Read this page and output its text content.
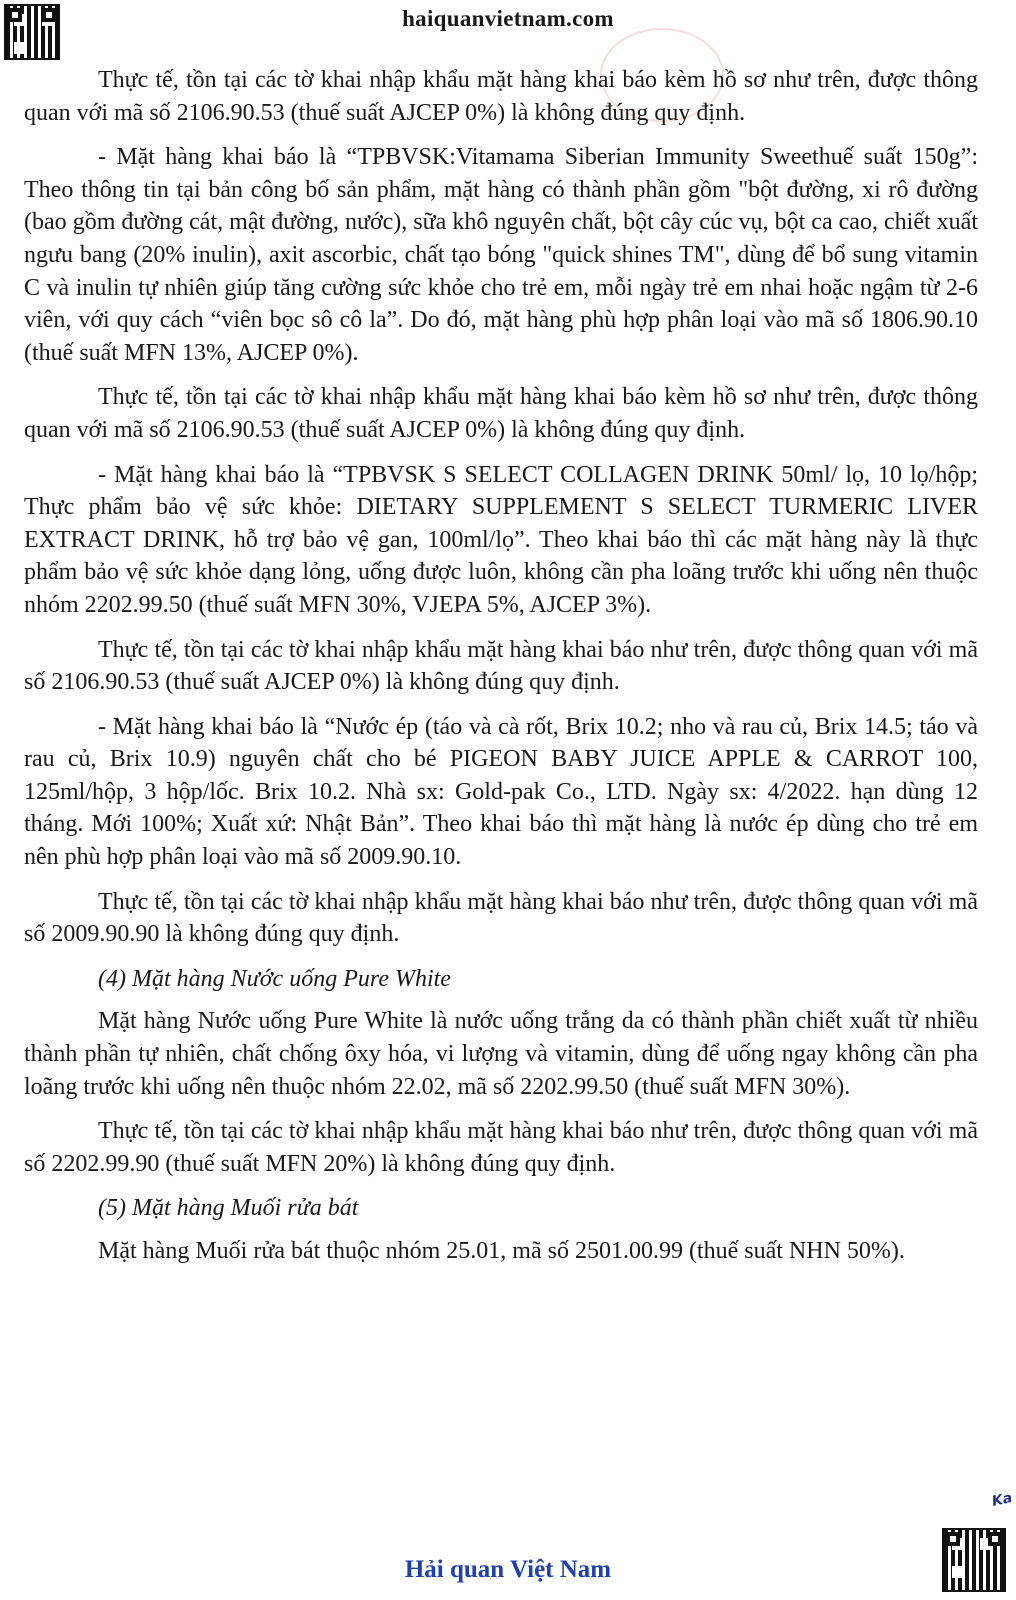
haiquanvietnam.com

Thực tế, tồn tại các tờ khai nhập khẩu mặt hàng khai báo kèm hồ sơ như trên, được thông quan với mã số 2106.90.53 (thuế suất AJCEP 0%) là không đúng quy định.

- Mặt hàng khai báo là “TPBVSK:Vitamama Siberian Immunity Sweethuế suất 150g”: Theo thông tin tại bản công bố sản phẩm, mặt hàng có thành phần gồm "bột đường, xi rô đường (bao gồm đường cát, mật đường, nước), sữa khô nguyên chất, bột cây cúc vụ, bột ca cao, chiết xuất ngưu bang (20% inulin), axit ascorbic, chất tạo bóng "quick shines TM", dùng để bổ sung vitamin C và inulin tự nhiên giúp tăng cường sức khỏe cho trẻ em, mỗi ngày trẻ em nhai hoặc ngậm từ 2-6 viên, với quy cách “viên bọc sô cô la”. Do đó, mặt hàng phù hợp phân loại vào mã số 1806.90.10 (thuế suất MFN 13%, AJCEP 0%).

Thực tế, tồn tại các tờ khai nhập khẩu mặt hàng khai báo kèm hồ sơ như trên, được thông quan với mã số 2106.90.53 (thuế suất AJCEP 0%) là không đúng quy định.

- Mặt hàng khai báo là “TPBVSK S SELECT COLLAGEN DRINK 50ml/ lọ, 10 lọ/hộp; Thực phẩm bảo vệ sức khỏe: DIETARY SUPPLEMENT S SELECT TURMERIC LIVER EXTRACT DRINK, hỗ trợ bảo vệ gan, 100ml/lọ”. Theo khai báo thì các mặt hàng này là thực phẩm bảo vệ sức khỏe dạng lỏng, uống được luôn, không cần pha loãng trước khi uống nên thuộc nhóm 2202.99.50 (thuế suất MFN 30%, VJEPA 5%, AJCEP 3%).

Thực tế, tồn tại các tờ khai nhập khẩu mặt hàng khai báo như trên, được thông quan với mã số 2106.90.53 (thuế suất AJCEP 0%) là không đúng quy định.

- Mặt hàng khai báo là “Nước ép (táo và cà rốt, Brix 10.2; nho và rau củ, Brix 14.5; táo và rau củ, Brix 10.9) nguyên chất cho bé PIGEON BABY JUICE APPLE & CARROT 100, 125ml/hộp, 3 hộp/lốc. Brix 10.2. Nhà sx: Gold-pak Co., LTD. Ngày sx: 4/2022. hạn dùng 12 tháng. Mới 100%; Xuất xứ: Nhật Bản”. Theo khai báo thì mặt hàng là nước ép dùng cho trẻ em nên phù hợp phân loại vào mã số 2009.90.10.

Thực tế, tồn tại các tờ khai nhập khẩu mặt hàng khai báo như trên, được thông quan với mã số 2009.90.90 là không đúng quy định.

(4) Mặt hàng Nước uống Pure White

Mặt hàng Nước uống Pure White là nước uống trắng da có thành phần chiết xuất từ nhiều thành phần tự nhiên, chất chống ôxy hóa, vi lượng và vitamin, dùng để uống ngay không cần pha loãng trước khi uống nên thuộc nhóm 22.02, mã số 2202.99.50 (thuế suất MFN 30%).

Thực tế, tồn tại các tờ khai nhập khẩu mặt hàng khai báo như trên, được thông quan với mã số 2202.99.90 (thuế suất MFN 20%) là không đúng quy định.

(5) Mặt hàng Muối rửa bát

Mặt hàng Muối rửa bát thuộc nhóm 25.01, mã số 2501.00.99 (thuế suất NHN 50%).

Ka
Hải quan Việt Nam
